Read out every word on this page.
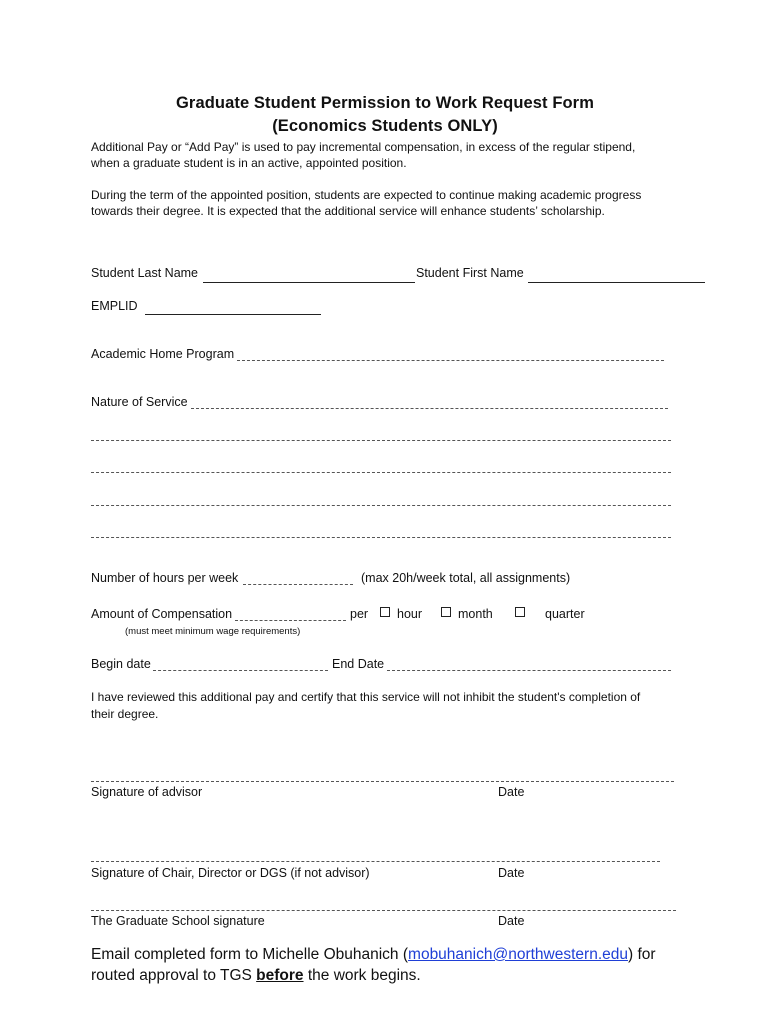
Graduate Student Permission to Work Request Form
(Economics Students ONLY)
Additional Pay or “Add Pay” is used to pay incremental compensation, in excess of the regular stipend,
when a graduate student is in an active, appointed position.
During the term of the appointed position, students are expected to continue making academic progress
towards their degree. It is expected that the additional service will enhance students’ scholarship.
Student Last Name	Student First Name
EMPLID
Academic Home Program
Nature of Service
Number of hours per week	(max 20h/week total, all assignments)
Amount of Compensation	per hour	month	quarter
(must meet minimum wage requirements)
Begin date	End Date
I have reviewed this additional pay and certify that this service will not inhibit the student's completion of
their degree.
Signature of advisor	Date
Signature of Chair, Director or DGS (if not advisor)	Date
The Graduate School signature	Date
Email completed form to Michelle Obuhanich (mobuhanich@northwestern.edu) for
routed approval to TGS before the work begins.
